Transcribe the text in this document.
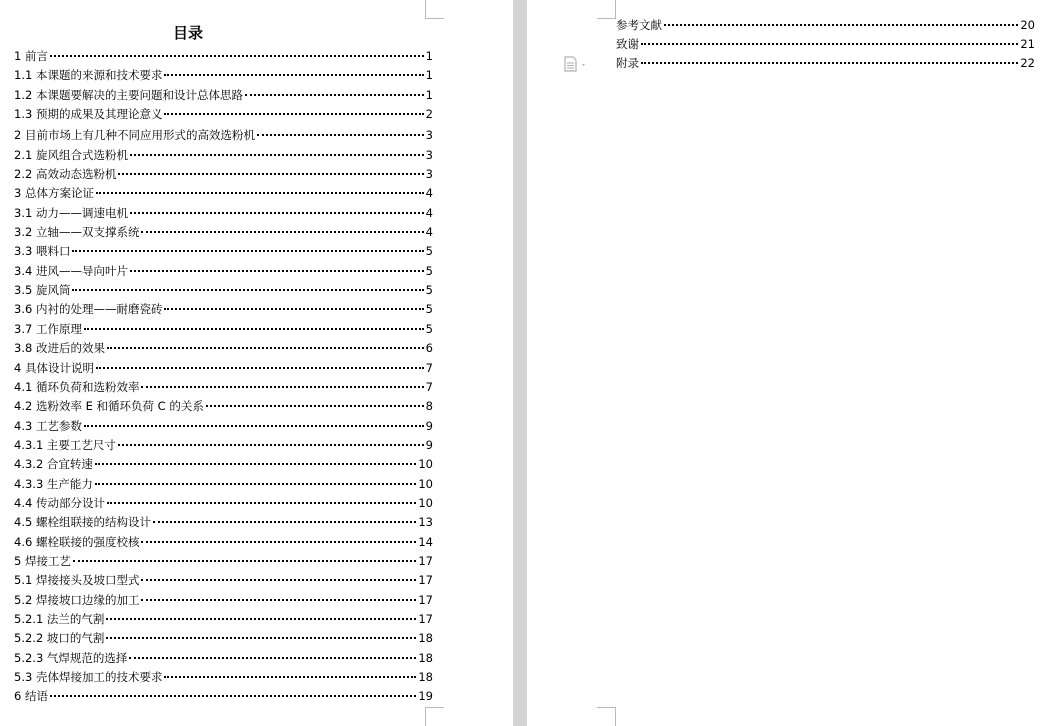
目录
1 前言	1
1.1 本课题的来源和技术要求	1
1.2 本课题要解决的主要问题和设计总体思路	1
1.3 预期的成果及其理论意义	2
2 目前市场上有几种不同应用形式的高效选粉机	3
2.1 旋风组合式选粉机	3
2.2 高效动态选粉机	3
3 总体方案论证	4
3.1 动力——调速电机	4
3.2 立轴——双支撑系统	4
3.3 喂料口	5
3.4 进风——导向叶片	5
3.5 旋风筒	5
3.6 内衬的处理——耐磨瓷砖	5
3.7 工作原理	5
3.8 改进后的效果	6
4 具体设计说明	7
4.1 循环负荷和选粉效率	7
4.2 选粉效率 E 和循环负荷 C 的关系	8
4.3 工艺参数	9
4.3.1 主要工艺尺寸	9
4.3.2 合宜转速	10
4.3.3 生产能力	10
4.4 传动部分设计	10
4.5 螺栓组联接的结构设计	13
4.6 螺栓联接的强度校核	14
5 焊接工艺	17
5.1 焊接接头及坡口型式	17
5.2 焊接坡口边缘的加工	17
5.2.1 法兰的气割	17
5.2.2 坡口的气割	18
5.2.3 气焊规范的选择	18
5.3 壳体焊接加工的技术要求	18
6 结语	19
参考文献	20
致谢	21
附录	22
